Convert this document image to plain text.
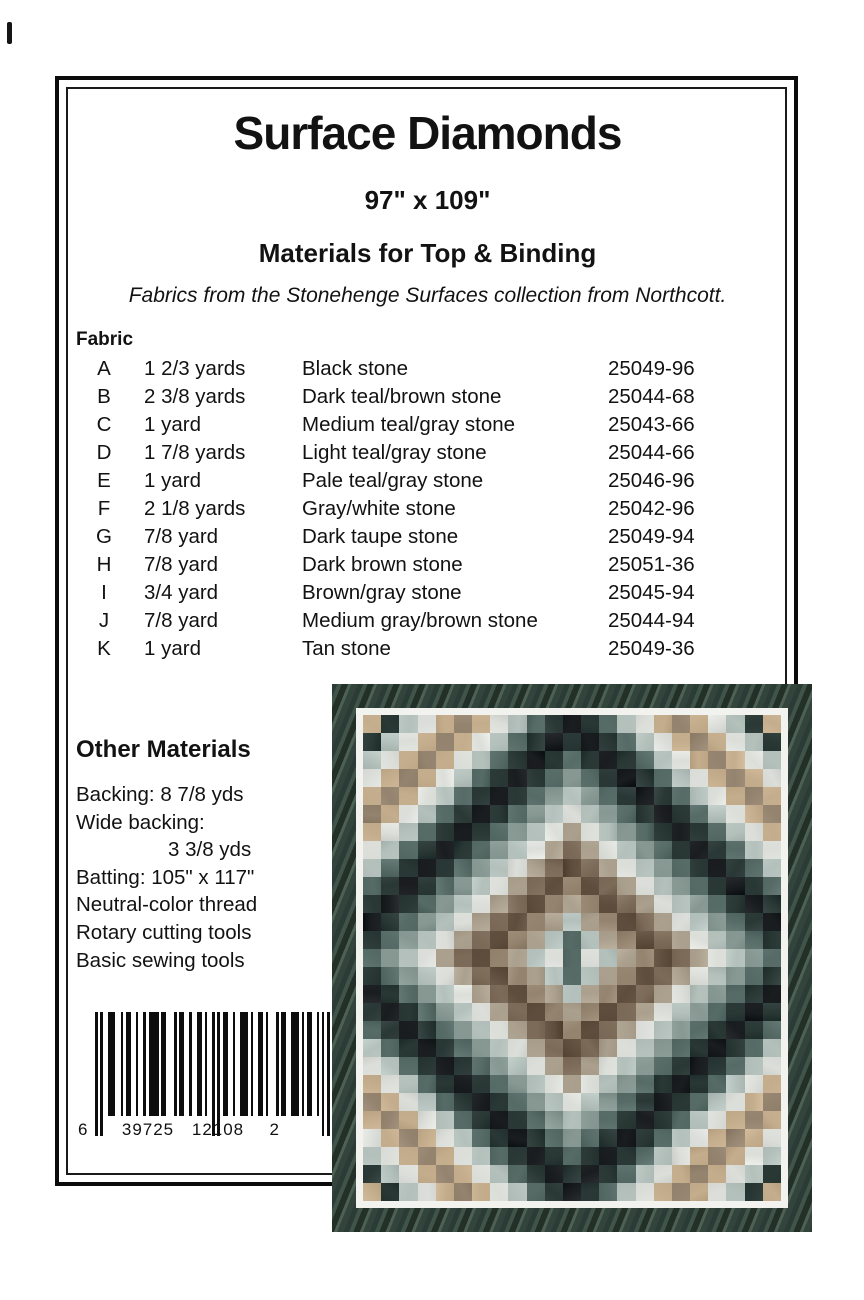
Surface Diamonds
97" x 109"
Materials for Top & Binding
Fabrics from the Stonehenge Surfaces collection from Northcott.
Fabric
A	1 2/3 yards	Black stone	25049-96
B	2 3/8 yards	Dark teal/brown stone	25044-68
C	1 yard	Medium teal/gray stone	25043-66
D	1 7/8 yards	Light teal/gray stone	25044-66
E	1 yard	Pale teal/gray stone	25046-96
F	2 1/8 yards	Gray/white stone	25042-96
G	7/8 yard	Dark taupe stone	25049-94
H	7/8 yard	Dark brown stone	25051-36
I	3/4 yard	Brown/gray stone	25045-94
J	7/8 yard	Medium gray/brown stone	25044-94
K	1 yard	Tan stone	25049-36
Other Materials
Backing: 8 7/8 yds
Wide backing:
3 3/8 yds
Batting: 105" x 117"
Neutral-color thread
Rotary cutting tools
Basic sewing tools
6 39725 12108 2
